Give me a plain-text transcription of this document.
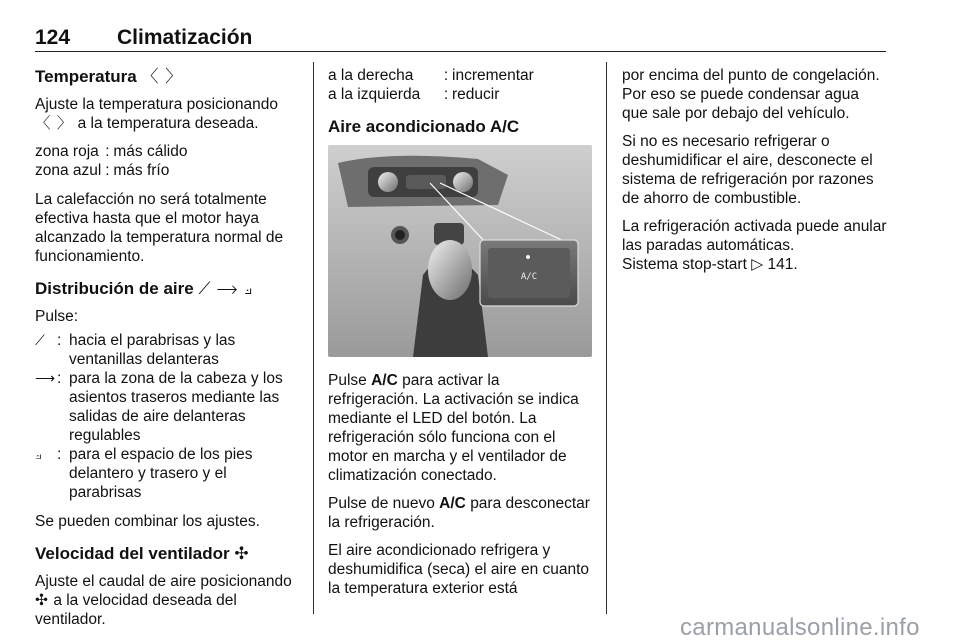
124 Climatización
Temperatura 〈 〉
Ajuste la temperatura posicionando
〈 〉 a la temperatura deseada.
zona roja : más cálido
zona azul : más frío
La calefacción no será totalmente efectiva hasta que el motor haya alcanzado la temperatura normal de funcionamiento.
Distribución de aire ⟋ ⟶ ⟓
Pulse:
⟋ : hacia el parabrisas y las ventanillas delanteras
⟶ : para la zona de la cabeza y los asientos traseros mediante las salidas de aire delanteras regulables
⟓ : para el espacio de los pies delantero y trasero y el parabrisas
Se pueden combinar los ajustes.
Velocidad del ventilador ✣
Ajuste el caudal de aire posicionando ✣ a la velocidad deseada del ventilador.
a la derecha	: incrementar
a la izquierda	: reducir
Aire acondicionado A/C
A/C
Pulse A/C para activar la refrigeración. La activación se indica mediante el LED del botón. La refrigeración sólo funciona con el motor en marcha y el ventilador de climatización conectado.
Pulse de nuevo A/C para desconectar la refrigeración.
El aire acondicionado refrigera y deshumidifica (seca) el aire en cuanto la temperatura exterior está
por encima del punto de congelación. Por eso se puede condensar agua que sale por debajo del vehículo.
Si no es necesario refrigerar o deshumidificar el aire, desconecte el sistema de refrigeración por razones de ahorro de combustible.
La refrigeración activada puede anular las paradas automáticas.
Sistema stop-start ▷ 141.
carmanualsonline.info
